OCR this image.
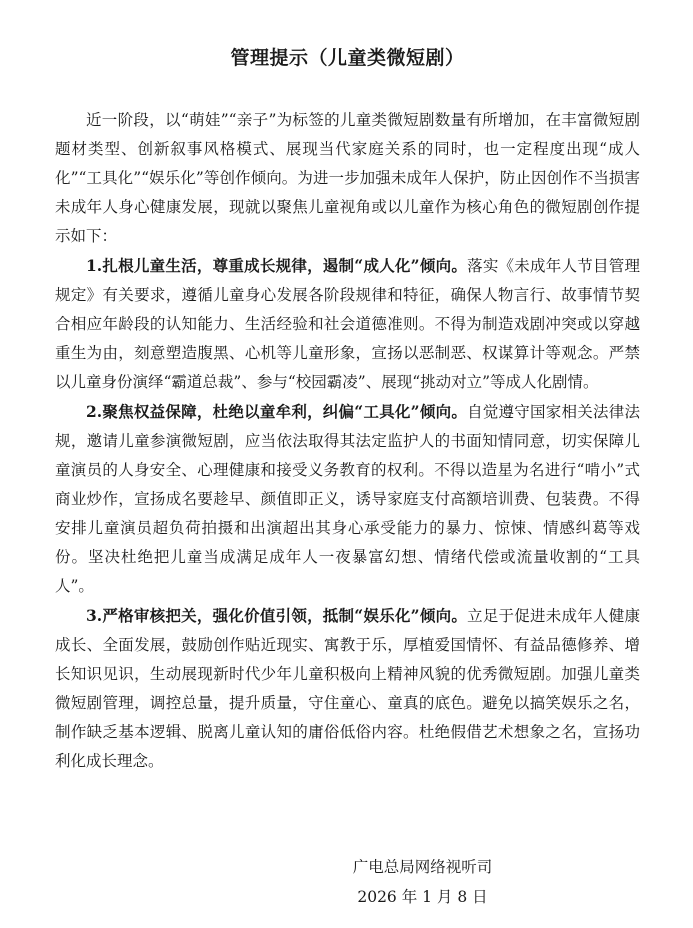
管理提示（儿童类微短剧）

近一阶段，以“萌娃”“亲子”为标签的儿童类微短剧数量有所增加，在丰富微短剧题材类型、创新叙事风格模式、展现当代家庭关系的同时，也一定程度出现“成人化”“工具化”“娱乐化”等创作倾向。为进一步加强未成年人保护，防止因创作不当损害未成年人身心健康发展，现就以聚焦儿童视角或以儿童作为核心角色的微短剧创作提示如下：

1.扎根儿童生活，尊重成长规律，遏制“成人化”倾向。落实《未成年人节目管理规定》有关要求，遵循儿童身心发展各阶段规律和特征，确保人物言行、故事情节契合相应年龄段的认知能力、生活经验和社会道德准则。不得为制造戏剧冲突或以穿越重生为由，刻意塑造腹黑、心机等儿童形象，宣扬以恶制恶、权谋算计等观念。严禁以儿童身份演绎“霸道总裁”、参与“校园霸凌”、展现“挑动对立”等成人化剧情。

2.聚焦权益保障，杜绝以童牟利，纠偏“工具化”倾向。自觉遵守国家相关法律法规，邀请儿童参演微短剧，应当依法取得其法定监护人的书面知情同意，切实保障儿童演员的人身安全、心理健康和接受义务教育的权利。不得以造星为名进行“啃小”式商业炒作，宣扬成名要趁早、颜值即正义，诱导家庭支付高额培训费、包装费。不得安排儿童演员超负荷拍摄和出演超出其身心承受能力的暴力、惊悚、情感纠葛等戏份。坚决杜绝把儿童当成满足成年人一夜暴富幻想、情绪代偿或流量收割的“工具人”。

3.严格审核把关，强化价值引领，抵制“娱乐化”倾向。立足于促进未成年人健康成长、全面发展，鼓励创作贴近现实、寓教于乐，厚植爱国情怀、有益品德修养、增长知识见识，生动展现新时代少年儿童积极向上精神风貌的优秀微短剧。加强儿童类微短剧管理，调控总量，提升质量，守住童心、童真的底色。避免以搞笑娱乐之名，制作缺乏基本逻辑、脱离儿童认知的庸俗低俗内容。杜绝假借艺术想象之名，宣扬功利化成长理念。

广电总局网络视听司
2026 年 1 月 8 日
